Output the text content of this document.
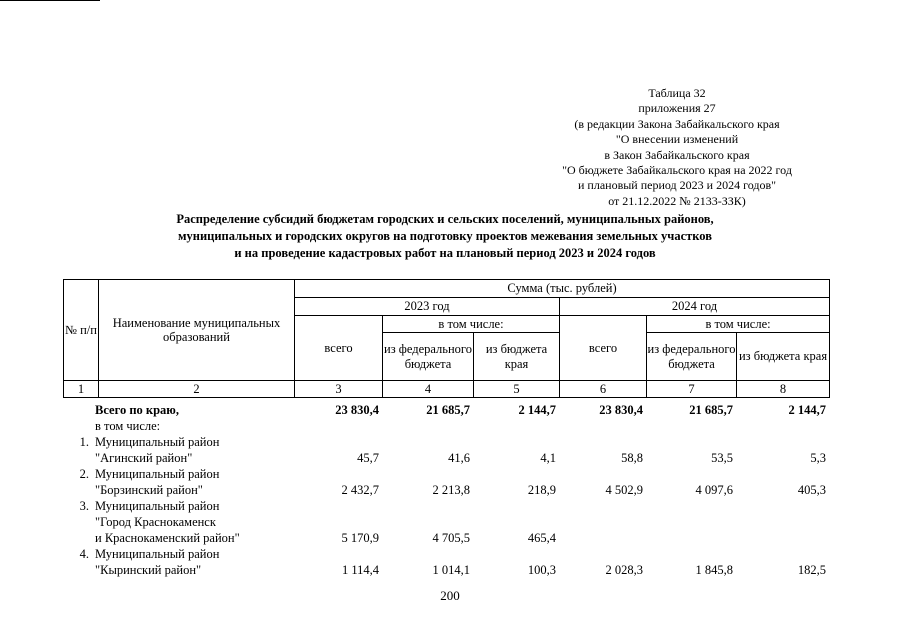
Таблица 32
приложения 27
(в редакции Закона Забайкальского края
"О внесении изменений
в Закон Забайкальского края
"О бюджете Забайкальского края на 2022 год
и плановый период 2023 и 2024 годов"
от 21.12.2022 № 2133-ЗЗК)
Распределение субсидий бюджетам городских и сельских поселений, муниципальных районов,
муниципальных и городских округов на подготовку проектов межевания земельных участков
и на проведение кадастровых работ на плановый период 2023 и 2024 годов
№ п/п	Наименование муниципальных образований	Сумма (тыс. рублей)					
		2023 год			2024 год		
		всего	в том числе:		всего	в том числе:	
			из федерального бюджета	из бюджета края		из федерального бюджета	из бюджета края
1	2	3	4	5	6	7	8

	Всего по краю,	23 830,4	21 685,7	2 144,7	23 830,4	21 685,7	2 144,7

	в том числе:						

1.	Муниципальный район
"Агинский район"	45,7	41,6	4,1	58,8	53,5	5,3
2.	Муниципальный район
"Борзинский район"	2 432,7	2 213,8	218,9	4 502,9	4 097,6	405,3
3.	Муниципальный район
"Город Краснокаменск
и Краснокаменский район"	5 170,9	4 705,5	465,4			
4.	Муниципальный район
"Кыринский район"	1 114,4	1 014,1	100,3	2 028,3	1 845,8	182,5
200
